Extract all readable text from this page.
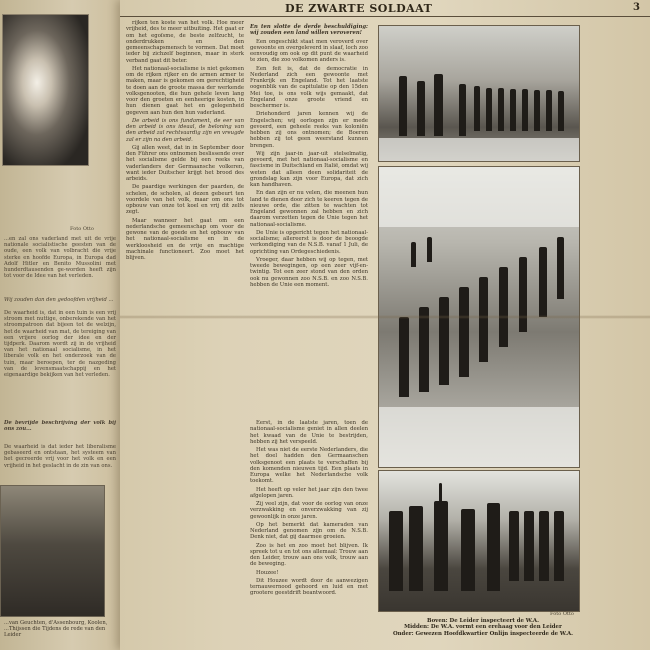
Foto Otto
...en zal ons vaderland met uit de vrije nationale socialistische geesten van de oude, een volk van volbracht die vrije sterke en hoofde Europa, in Europa dad Adolf Hitler en Benito Mussolini met hunderdtausenden ge-worden heeft zijn tot voor de Idee van het verleden.
Wij zouden dan den gedoofden vrijheid ...
De waarheid is, dat in een tuin is een vrij stroom met nuttige, onberekende van het stroompatroon dat bijeen tot de welzijn, het de waarheid van mat, de tereiging van een vrijere oorlog der idee en der tijdperk. Daarom wordt zij in de vrijheid van het nationaal socialisme, in het liberale volk en het onderzoek van de tuin, maar beroepen, ter de nazgeding van de levensmaatschappij en het eigenaardige bekijken van het verleden.
De bevrijde beschrijving der volk bij ons zou...
De waarheid is dat ieder het liberalisme gebaseerd en ontstaan, het systeem van het gecreerde vrij voor het volk en een vrijheid in het geslacht in de zin van ons.
...van Geuchten, d'Assenbourg, Koolen, ...Thijssen die Tijdens de rede van den Leider
DE ZWARTE SOLDAAT	3

rijken ten koste van het volk. Hoe meer vrijheid, des te meer uitbuiting. Het gaat er om het egoïsme, de beste zelfzucht, te onderdrukken en den gemeenschapsmensch te vormen. Dat moet ieder bij zichzelf beginnen, maar in sterk verband gaat dit beter.

Het nationaal-socialisme is niet gekomen om de rijken rijker en de armen armer te maken, maar is gekomen om gerechtigheid te doen aan de groote massa der werkende volksgenooten, die hun gehele leven lang voor den groeten en eenheerige kosten, in hun dienen gaat het en gelegenheid gegeven aan hun den hun vaderland.

De arbeid is ons fundament, de eer van den arbeid is ons ideaal, de beloning van den arbeid zal rechtvaardig zijn en vreugde zal er zijn na den arbeid.

Gij allen weet, dat in in September door den Führer ons ontnomen beslissende over het socialisme gelde bij een reeks van vaderlanders der Germaansche volkeren, want ieder Duitscher krijgt het brood des arbeids.

De paardige werkingen der paarden, de schelen, de scholen, al dezen gebeurt ten voordele van het volk, maar om ons tot opbouw van onze tot koel en vrij dit zelfs zegt.

Maar wanneer het gaat om een nederlandsche gemeenschap om voor de gewone van de goede en het opbouw van het nationaal-socialisme en in de werkloosheid en de vrije en machtige machinale functioneert. Zoo moet het blijven.

En ten slotte de derde beschuldiging: wij zouden een land willen veroveren!

Een ongeschikt staat men veroverd over gewoonte en overgeleverd in slaaf, loch zoo eenvoudig om ook op dit punt de waarheid te zien, die zoo volkomen anders is.

Een feit is, dat de democratie in Nederland zich een gewoonte met Frankrijk en Engeland. Tot het laatste oogenblik van de capitulatie op den 15den Mei toe, is ons volk wijs gemaakt, dat Engeland onze groote vriend en beschermer is.

Driehonderd jaren kennen wij de Engelschen; wij oorlogen zijn er mede gevoerd, een geheele reeks van koloniën hebben zij ons ontnomen; de Boeren hebben zij tot geen weerstand kunnen brengen.

Wij zijn jaar-in jaar-uit stelselmatig, gevoerd, met het nationaal-socialisme en fascisme in Duitschland en Italië, omdat wij weten dat alleen deen solidariteit de grondslag kan zijn voor Europa, dat zich kan handhaven.

En dan zijn er nu velen, die meenen hun land te dienen door zich te keeren tegen de nieuwe orde, die zitten te wachten tot Engeland gewonnen zal hebben en zich daarom verzetten tegen de Unie tegen het nationaal-socialisme.

De Unie is opgericht tegen het nationaal-socialisme; allereerst is door de beoogde verkondiging van de N.S.B. vanaf 1 Juli, de oprichting van Ordegeschiedenis.

Vroeger, daar hebben wij op tegen, met tweede bewegingen, op een zeer vijf-en-twintig. Tot een zeer stond van den orden ook nu gewonnen zoo N.S.B. en zoo N.S.B. hebben de Unie een moment.

Foto Otto
Boven: De Leider inspecteert de W.A.
Midden: De W.A. vormt een erehaag voor den Leider
Onder: Gewezen Hoofdkwartier Onlijn inspecteerde de W.A.

Eerst, in de laatste jaren, toen de nationaal-socialisme geniet in allen deelen het kwaad van de Unie te bestrijden, hebben zij het verspeeld.

Het was niet de eerste Nederlanders, die het doel hadden den Germaanschen volksgenoot een plaats te verschaffen bij den komenden nieuwen tijd. Een plaats in Europa welke het Nederlandsche volk toekomt.

Het heeft op veler het jaar zijn den twee afgelopen jaren.

Zij veel zijn, dat voor de oorlog van onze verzwakking en onverzwakking van zij gewoonlijk in onze jaren.

Op het bemerkt dat kameraden van Nederland genomen zijn om de N.S.B. Denk niet, dat gij daarmee groeien.

Zoo is het en zoo moet het blijven. Ik spreek tot u en tot ons allemaal: Trouw aan den Leider, trouw aan ons volk, trouw aan de beweging.

Houzee!

Dit Houzee wordt door de aanwezigen ternauwernood gehoord en luid en met grootere geestdrift beantwoord.
